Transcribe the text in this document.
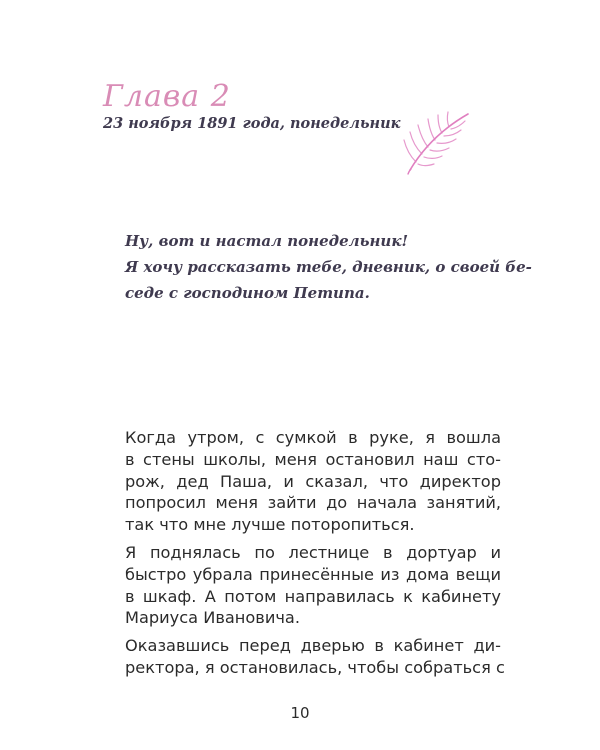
Глава 2
23 ноября 1891 года, понедельник
Ну, вот и настал понедельник!
Я хочу рассказать тебе, дневник, о своей бе-
седе с господином Петипа.

Когда утром, с сумкой в руке, я вошла
в стены школы, меня остановил наш сто-
рож, дед Паша, и сказал, что директор
попросил меня зайти до начала занятий,
так что мне лучше поторопиться.

Я поднялась по лестнице в дортуар и
быстро убрала принесённые из дома вещи
в шкаф. А потом направилась к кабинету
Мариуса Ивановича.

Оказавшись перед дверью в кабинет ди-
ректора, я остановилась, чтобы собраться с

10
